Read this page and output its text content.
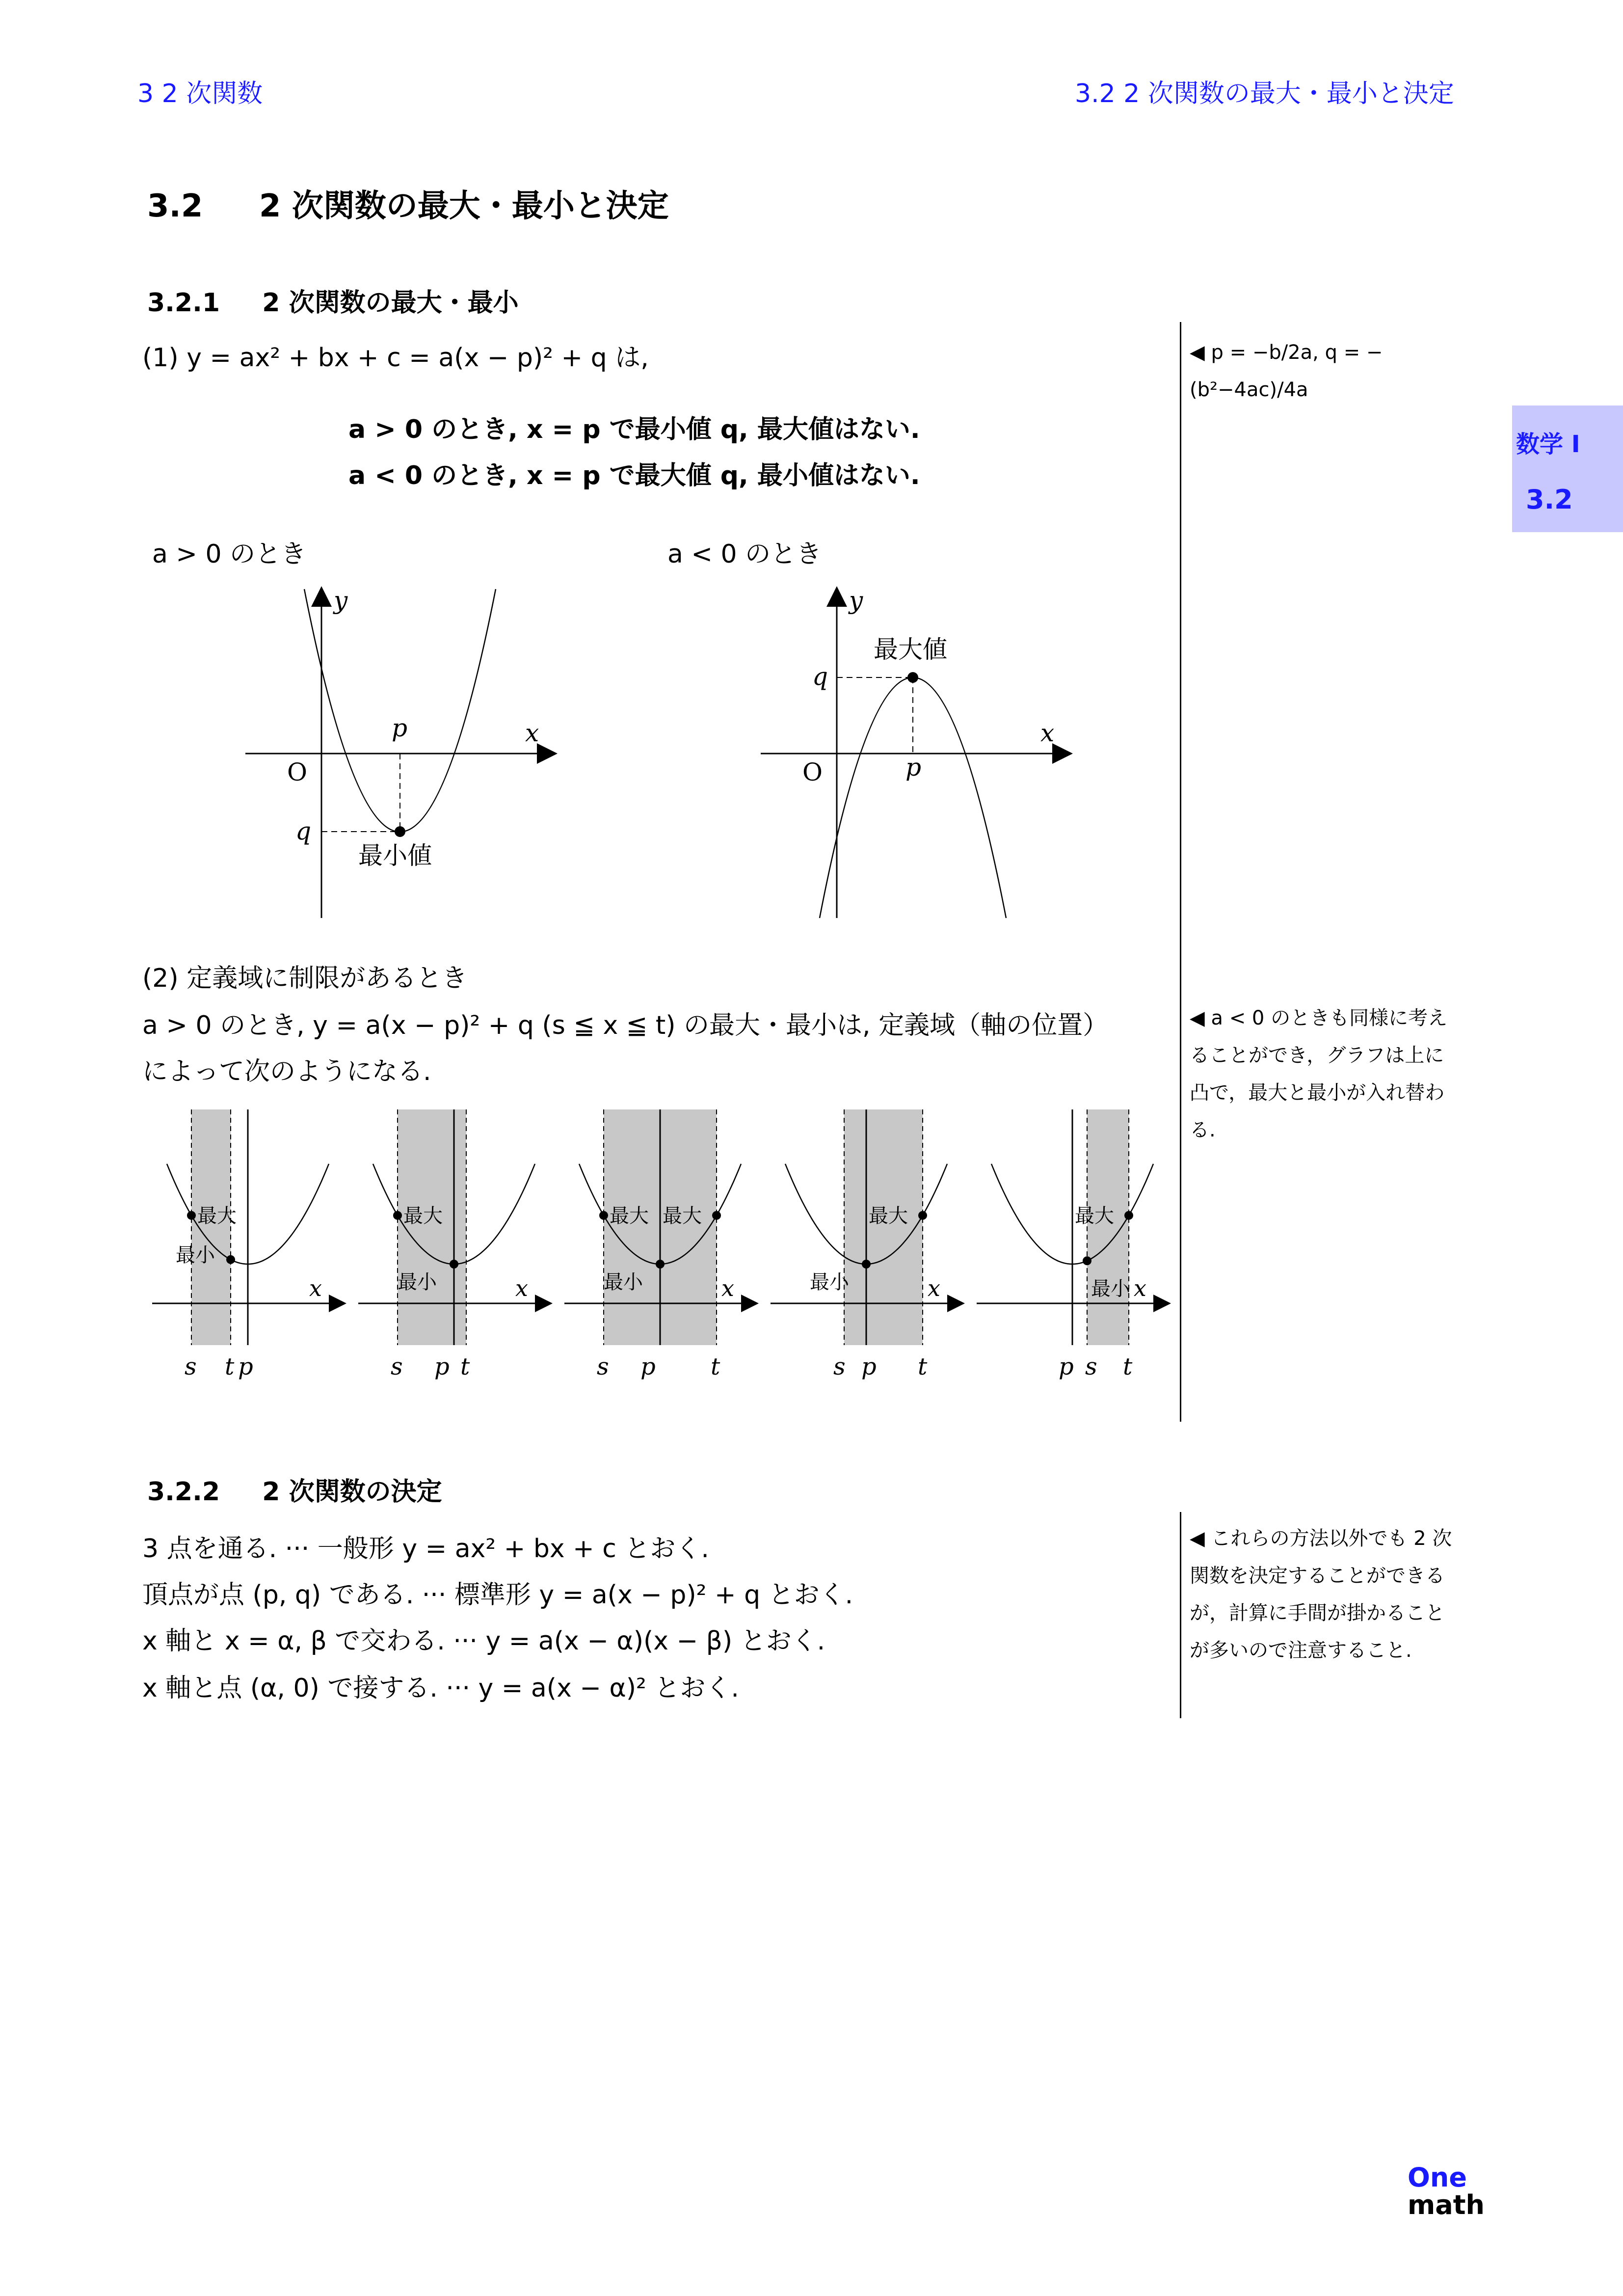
3 2 次関数	3.2 2 次関数の最大・最小と決定
数学 I
3.2
3.2 2 次関数の最大・最小と決定
3.2.1 2 次関数の最大・最小
◀ p = −b/2a, q = −(b²−4ac)/4a
◀ a < 0 のときも同様に考え
ることができ，グラフは上に
凸で，最大と最小が入れ替わ
る.
◀ これらの方法以外でも 2 次
関数を決定することができる
が，計算に手間が掛かること
が多いので注意すること.
(1) y = ax² + bx + c = a(x − p)² + q は,
a > 0 のとき, x = p で最小値 q, 最大値はない.
a < 0 のとき, x = p で最大値 q, 最小値はない.
a > 0 のとき	a < 0 のとき
y
x
O
p
q
最小値
y
x
O	p
q
最大値
(2) 定義域に制限があるとき
a > 0 のとき, y = a(x − p)² + q (s ≦ x ≦ t) の最大・最小は, 定義域（軸の位置）
によって次のようになる.
x
最大
最小
s t p
x
最大
最小
s p t
x
最大 最大
最小
s p t
x
最大
最小
s p t
x
最大
最小
p s t
3.2.2 2 次関数の決定
3 点を通る. ··· 一般形 y = ax² + bx + c とおく.
頂点が点 (p, q) である. ··· 標準形 y = a(x − p)² + q とおく.
x 軸と x = α, β で交わる. ··· y = a(x − α)(x − β) とおく.
x 軸と点 (α, 0) で接する. ··· y = a(x − α)² とおく.
One
math
